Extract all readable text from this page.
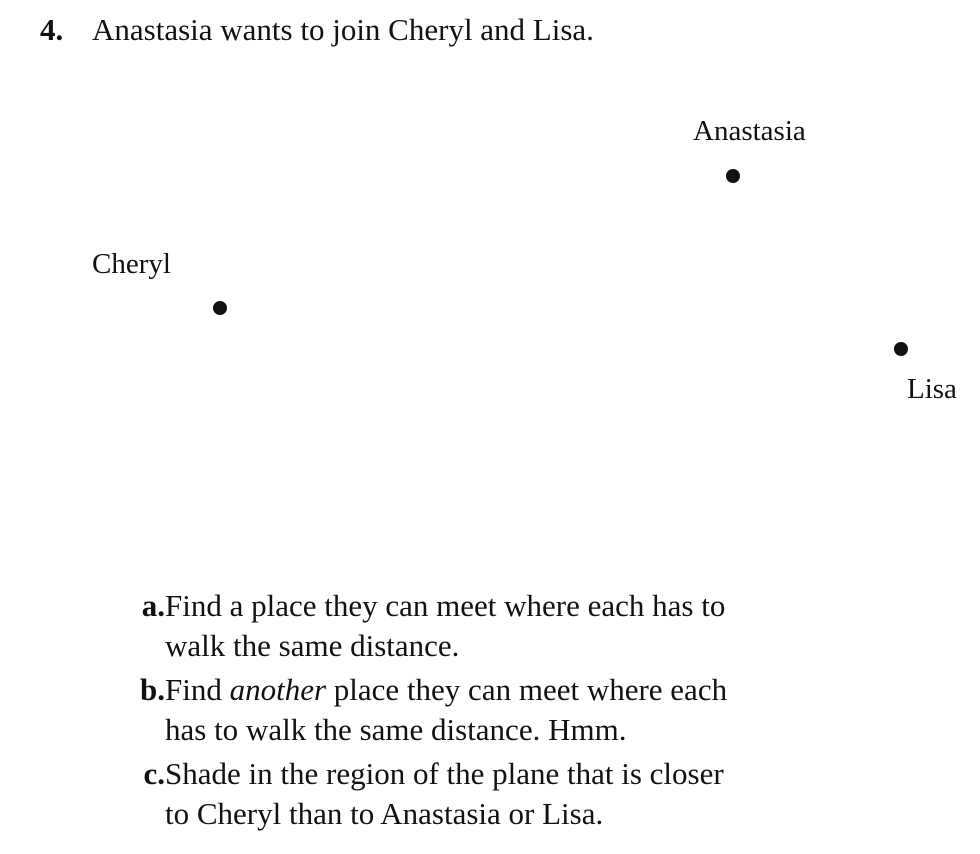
4. Anastasia wants to join Cheryl and Lisa.
Anastasia
Cheryl
Lisa
a. Find a place they can meet where each has to
walk the same distance.
b. Find another place they can meet where each
has to walk the same distance. Hmm.
c. Shade in the region of the plane that is closer
to Cheryl than to Anastasia or Lisa.
